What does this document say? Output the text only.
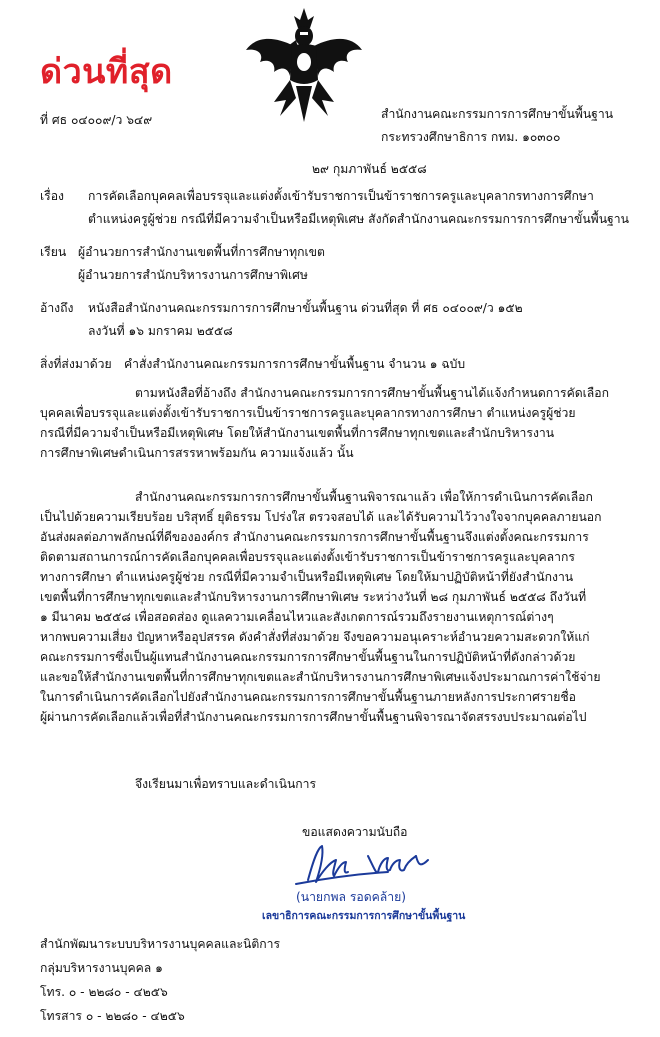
ด่วนที่สุด
ที่ ศธ ๐๔๐๐๙/ว ๖๔๙	สำนักงานคณะกรรมการการศึกษาขั้นพื้นฐาน
กระทรวงศึกษาธิการ กทม. ๑๐๓๐๐
๒๙ กุมภาพันธ์ ๒๕๕๘
เรื่อง การคัดเลือกบุคคลเพื่อบรรจุและแต่งตั้งเข้ารับราชการเป็นข้าราชการครูและบุคลากรทางการศึกษา
ตำแหน่งครูผู้ช่วย กรณีที่มีความจำเป็นหรือมีเหตุพิเศษ สังกัดสำนักงานคณะกรรมการการศึกษาขั้นพื้นฐาน
เรียน ผู้อำนวยการสำนักงานเขตพื้นที่การศึกษาทุกเขต
ผู้อำนวยการสำนักบริหารงานการศึกษาพิเศษ
อ้างถึง หนังสือสำนักงานคณะกรรมการการศึกษาขั้นพื้นฐาน ด่วนที่สุด ที่ ศธ ๐๔๐๐๙/ว ๑๕๒
ลงวันที่ ๑๖ มกราคม ๒๕๕๘
สิ่งที่ส่งมาด้วย คำสั่งสำนักงานคณะกรรมการการศึกษาขั้นพื้นฐาน จำนวน ๑ ฉบับ
ตามหนังสือที่อ้างถึง สำนักงานคณะกรรมการการศึกษาขั้นพื้นฐานได้แจ้งกำหนดการคัดเลือก
บุคคลเพื่อบรรจุและแต่งตั้งเข้ารับราชการเป็นข้าราชการครูและบุคลากรทางการศึกษา ตำแหน่งครูผู้ช่วย
กรณีที่มีความจำเป็นหรือมีเหตุพิเศษ โดยให้สำนักงานเขตพื้นที่การศึกษาทุกเขตและสำนักบริหารงาน
การศึกษาพิเศษดำเนินการสรรหาพร้อมกัน ความแจ้งแล้ว นั้น
สำนักงานคณะกรรมการการศึกษาขั้นพื้นฐานพิจารณาแล้ว เพื่อให้การดำเนินการคัดเลือก
เป็นไปด้วยความเรียบร้อย บริสุทธิ์ ยุติธรรม โปร่งใส ตรวจสอบได้ และได้รับความไว้วางใจจากบุคคลภายนอก
อันส่งผลต่อภาพลักษณ์ที่ดีขององค์กร สำนักงานคณะกรรมการการศึกษาขั้นพื้นฐานจึงแต่งตั้งคณะกรรมการ
ติดตามสถานการณ์การคัดเลือกบุคคลเพื่อบรรจุและแต่งตั้งเข้ารับราชการเป็นข้าราชการครูและบุคลากร
ทางการศึกษา ตำแหน่งครูผู้ช่วย กรณีที่มีความจำเป็นหรือมีเหตุพิเศษ โดยให้มาปฏิบัติหน้าที่ยังสำนักงาน
เขตพื้นที่การศึกษาทุกเขตและสำนักบริหารงานการศึกษาพิเศษ ระหว่างวันที่ ๒๘ กุมภาพันธ์ ๒๕๕๘ ถึงวันที่
๑ มีนาคม ๒๕๕๘ เพื่อสอดส่อง ดูแลความเคลื่อนไหวและสังเกตการณ์รวมถึงรายงานเหตุการณ์ต่างๆ
หากพบความเสี่ยง ปัญหาหรืออุปสรรค ดังคำสั่งที่ส่งมาด้วย จึงขอความอนุเคราะห์อำนวยความสะดวกให้แก่
คณะกรรมการซึ่งเป็นผู้แทนสำนักงานคณะกรรมการการศึกษาขั้นพื้นฐานในการปฏิบัติหน้าที่ดังกล่าวด้วย
และขอให้สำนักงานเขตพื้นที่การศึกษาทุกเขตและสำนักบริหารงานการศึกษาพิเศษแจ้งประมาณการค่าใช้จ่าย
ในการดำเนินการคัดเลือกไปยังสำนักงานคณะกรรมการการศึกษาขั้นพื้นฐานภายหลังการประกาศรายชื่อ
ผู้ผ่านการคัดเลือกแล้วเพื่อที่สำนักงานคณะกรรมการการศึกษาขั้นพื้นฐานพิจารณาจัดสรรงบประมาณต่อไป
จึงเรียนมาเพื่อทราบและดำเนินการ
ขอแสดงความนับถือ
(นายกพล รอดคล้าย)
เลขาธิการคณะกรรมการการศึกษาขั้นพื้นฐาน
สำนักพัฒนาระบบบริหารงานบุคคลและนิติการ
กลุ่มบริหารงานบุคคล ๑
โทร. ๐ - ๒๒๘๐ - ๔๒๕๖
โทรสาร ๐ - ๒๒๘๐ - ๔๒๕๖
